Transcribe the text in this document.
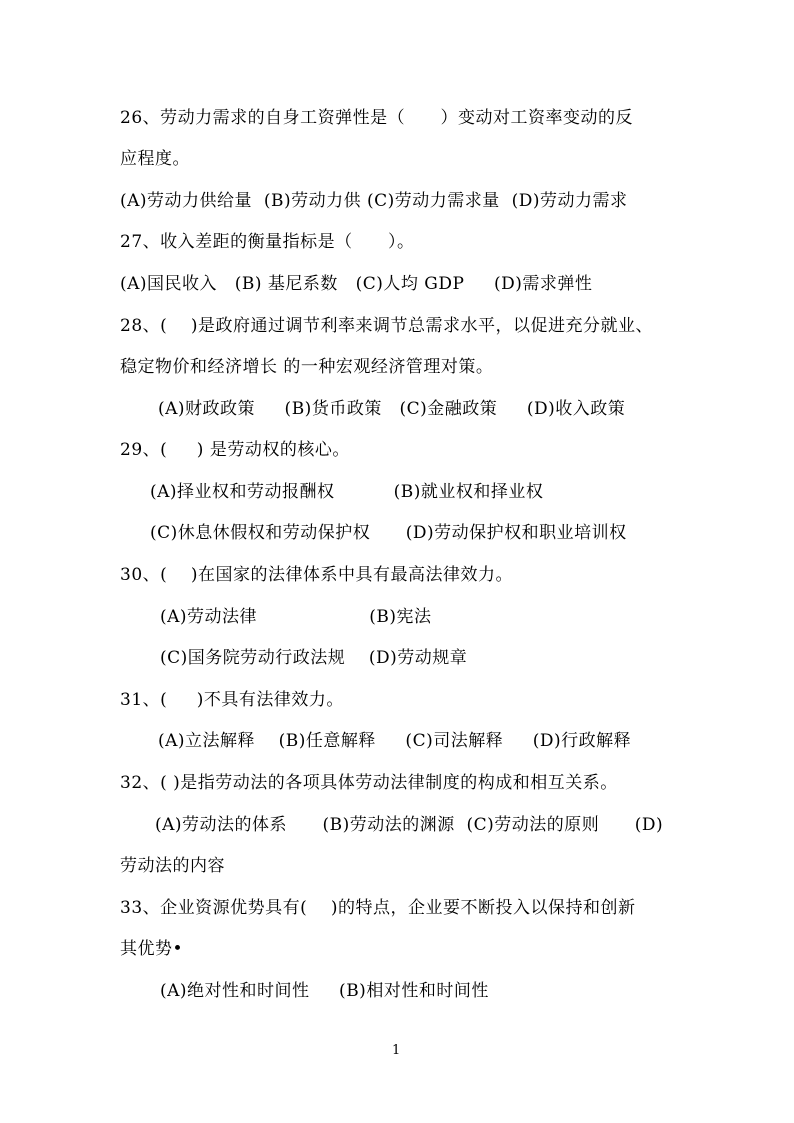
26、劳动力需求的自身工资弹性是（      ）变动对工资率变动的反
应程度。
(A)劳动力供给量  (B)劳动力供 (C)劳动力需求量  (D)劳动力需求
27、收入差距的衡量指标是（      ）。
(A)国民收入   (B) 基尼系数   (C)人均 GDP     (D)需求弹性
28、(    )是政府通过调节利率来调节总需求水平，以促进充分就业、
稳定物价和经济增长 的一种宏观经济管理对策。
(A)财政政策     (B)货币政策   (C)金融政策     (D)收入政策
29、(     ) 是劳动权的核心。
(A)择业权和劳动报酬权          (B)就业权和择业权
(C)休息休假权和劳动保护权      (D)劳动保护权和职业培训权
30、(    )在国家的法律体系中具有最高法律效力。
(A)劳动法律                   (B)宪法
(C)国务院劳动行政法规    (D)劳动规章
31、(     )不具有法律效力。
(A)立法解释    (B)任意解释     (C)司法解释     (D)行政解释
32、( )是指劳动法的各项具体劳动法律制度的构成和相互关系。
(A)劳动法的体系      (B)劳动法的渊源  (C)劳动法的原则      (D)
劳动法的内容
33、企业资源优势具有(    )的特点，企业要不断投入以保持和创新
其优势•
(A)绝对性和时间性     (B)相对性和时间性
1
